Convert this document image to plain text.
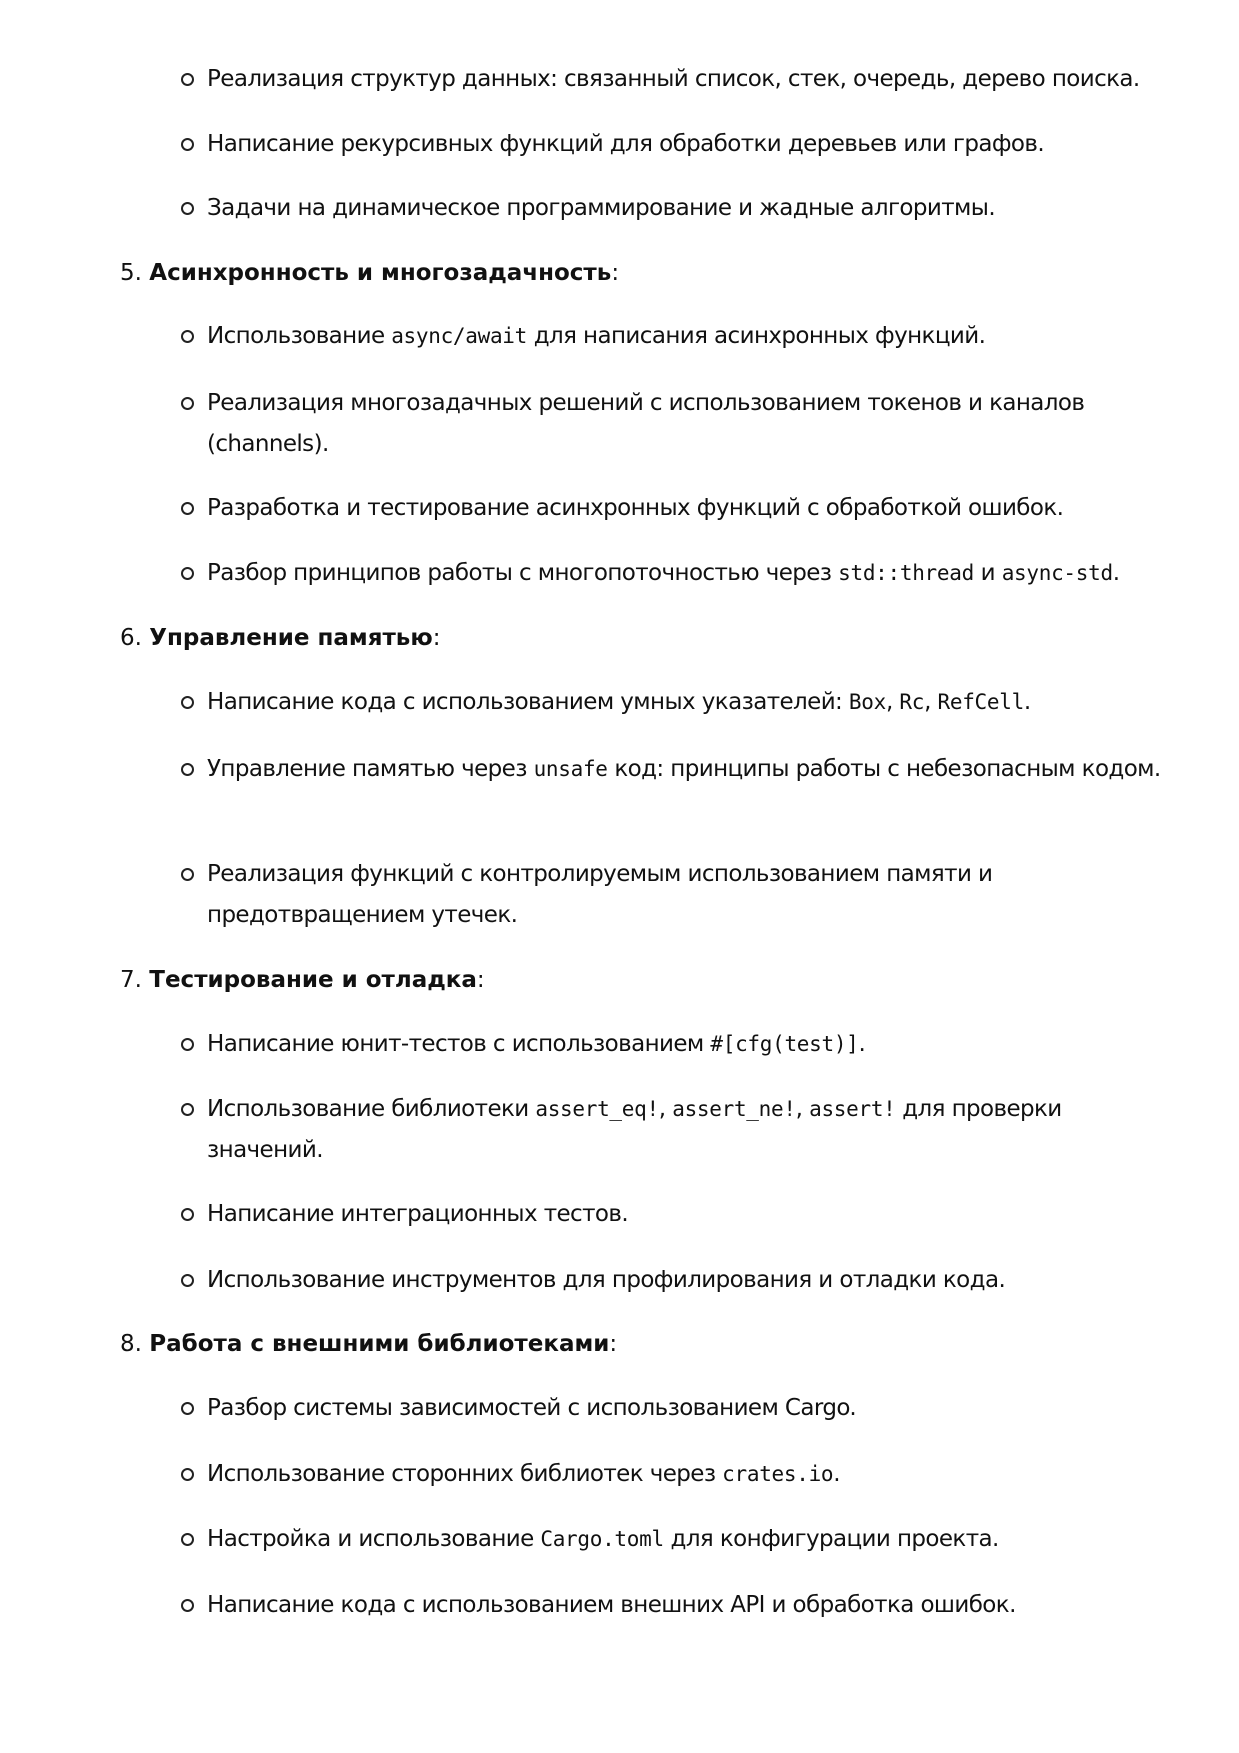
Реализация структур данных: связанный список, стек, очередь, дерево поиска.
Написание рекурсивных функций для обработки деревьев или графов.
Задачи на динамическое программирование и жадные алгоритмы.
5. Асинхронность и многозадачность:
Использование async/await для написания асинхронных функций.
Реализация многозадачных решений с использованием токенов и каналов (channels).
Разработка и тестирование асинхронных функций с обработкой ошибок.
Разбор принципов работы с многопоточностью через std::thread и async-std.
6. Управление памятью:
Написание кода с использованием умных указателей: Box, Rc, RefCell.
Управление памятью через unsafe код: принципы работы с небезопасным кодом.
Реализация функций с контролируемым использованием памяти и предотвращением утечек.
7. Тестирование и отладка:
Написание юнит-тестов с использованием #[cfg(test)].
Использование библиотеки assert_eq!, assert_ne!, assert! для проверки значений.
Написание интеграционных тестов.
Использование инструментов для профилирования и отладки кода.
8. Работа с внешними библиотеками:
Разбор системы зависимостей с использованием Cargo.
Использование сторонних библиотек через crates.io.
Настройка и использование Cargo.toml для конфигурации проекта.
Написание кода с использованием внешних API и обработка ошибок.
